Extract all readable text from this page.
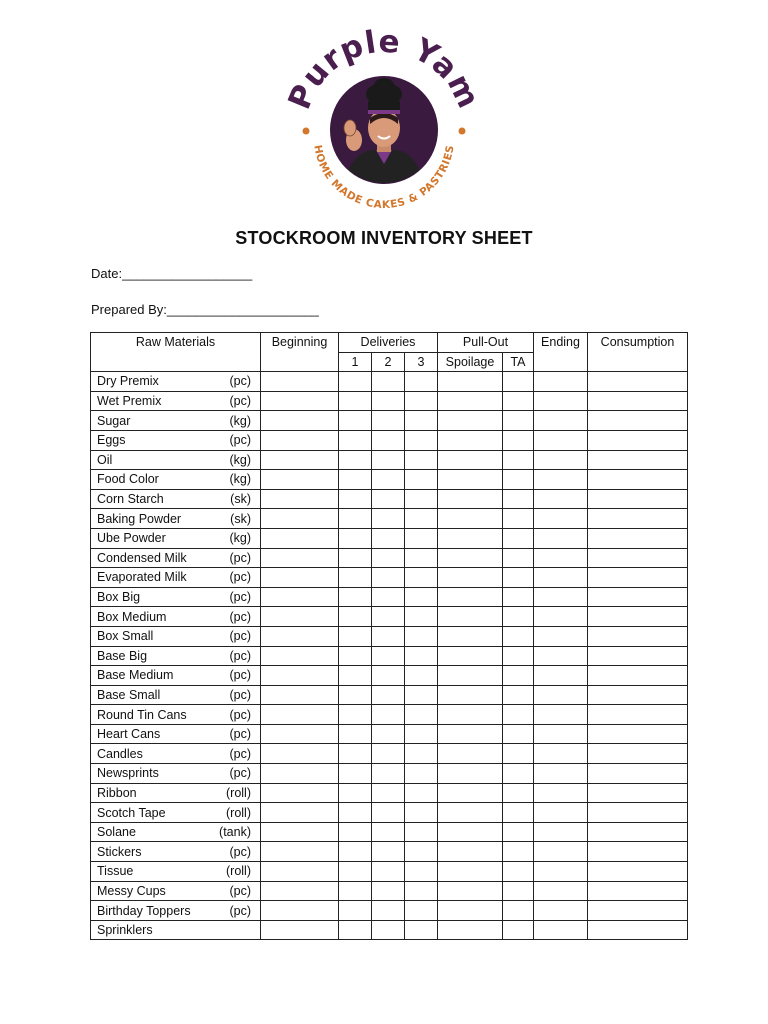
Purple Yam
HOME MADE CAKES & PASTRIES
STOCKROOM INVENTORY SHEET
Date:__________________
Prepared By:_____________________
Raw Materials	Beginning	Deliveries			Pull-Out		Ending	Consumption
		1	2	3	Spoilage	TA		

Dry Premix (pc)								

Wet Premix (pc)								

Sugar (kg)								

Eggs (pc)								

Oil (kg)								

Food Color (kg)								

Corn Starch (sk)								

Baking Powder (sk)								

Ube Powder (kg)								

Condensed Milk (pc)								

Evaporated Milk (pc)								

Box Big (pc)								

Box Medium (pc)								

Box Small (pc)								

Base Big (pc)								

Base Medium (pc)								

Base Small (pc)								

Round Tin Cans (pc)								

Heart Cans (pc)								

Candles (pc)								

Newsprints (pc)								

Ribbon (roll)								

Scotch Tape (roll)								

Solane (tank)								

Stickers (pc)								

Tissue (roll)								

Messy Cups (pc)								

Birthday Toppers (pc)								

Sprinklers								
